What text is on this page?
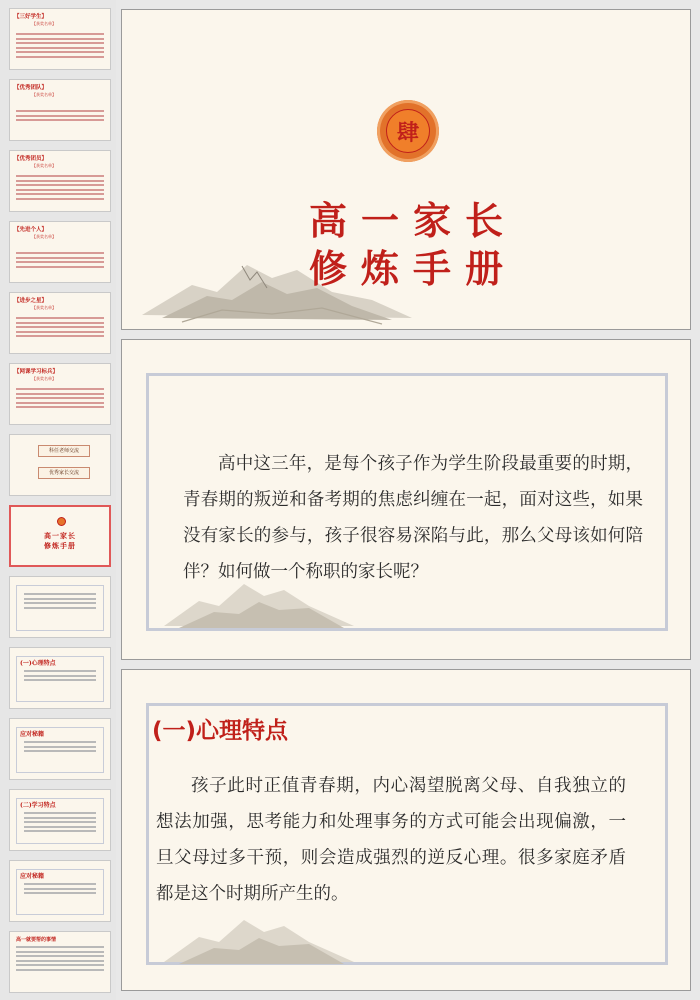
【三好学生】
【获奖名单】
【优秀团队】
【获奖名单】
【优秀团员】
【获奖名单】
【先进个人】
【获奖名单】
【进步之星】
【获奖名单】
【网课学习标兵】
【获奖名单】
科任老师交流
优秀家长交流
高一家长
修炼手册
(一)心理特点
应对秘籍
(二)学习特点
应对秘籍
高一就要帮的事情
肆
高一家长
修炼手册
高中这三年，是每个孩子作为学生阶段最重要的时期，青春期的叛逆和备考期的焦虑纠缠在一起，面对这些，如果没有家长的参与，孩子很容易深陷与此，那么父母该如何陪伴？如何做一个称职的家长呢？
(一)心理特点
孩子此时正值青春期，内心渴望脱离父母、自我独立的想法加强，思考能力和处理事务的方式可能会出现偏激，一旦父母过多干预，则会造成强烈的逆反心理。很多家庭矛盾都是这个时期所产生的。
